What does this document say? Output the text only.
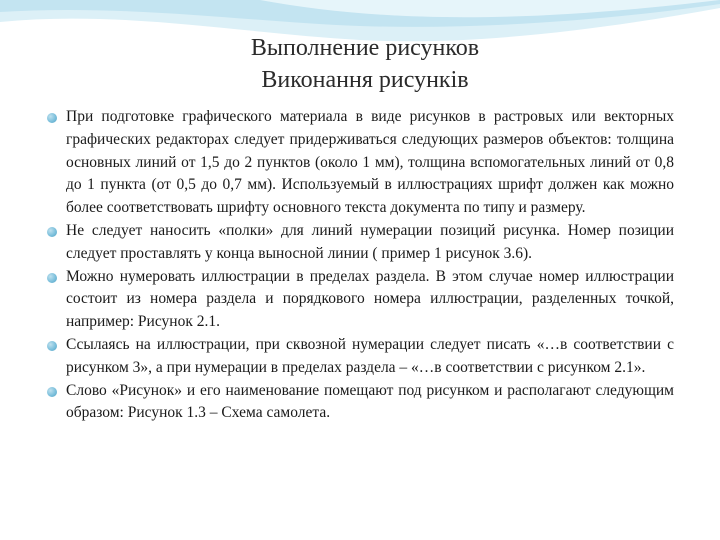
Выполнение рисунков
Виконання рисунків
При подготовке графического материала в виде рисунков в растровых или векторных графических редакторах следует придерживаться следующих размеров объектов: толщина основных линий от 1,5 до 2 пунктов (около 1 мм), толщина вспомогательных линий от 0,8 до 1 пункта (от 0,5 до 0,7 мм). Используемый в иллюстрациях шрифт должен как можно более соответствовать шрифту основного текста документа по типу и размеру.
Не следует наносить «полки» для линий нумерации позиций рисунка. Номер позиции следует проставлять у конца выносной линии ( пример 1 рисунок 3.6).
Можно нумеровать иллюстрации в пределах раздела. В этом случае номер иллюстрации состоит из номера раздела и порядкового номера иллюстрации, разделенных точкой, например: Рисунок 2.1.
Ссылаясь на иллюстрации, при сквозной нумерации следует писать «…в соответствии с рисунком 3», а при нумерации в пределах раздела – «…в соответствии с рисунком 2.1».
Слово «Рисунок» и его наименование помещают под рисунком и располагают следующим образом: Рисунок 1.3 – Схема самолета.
